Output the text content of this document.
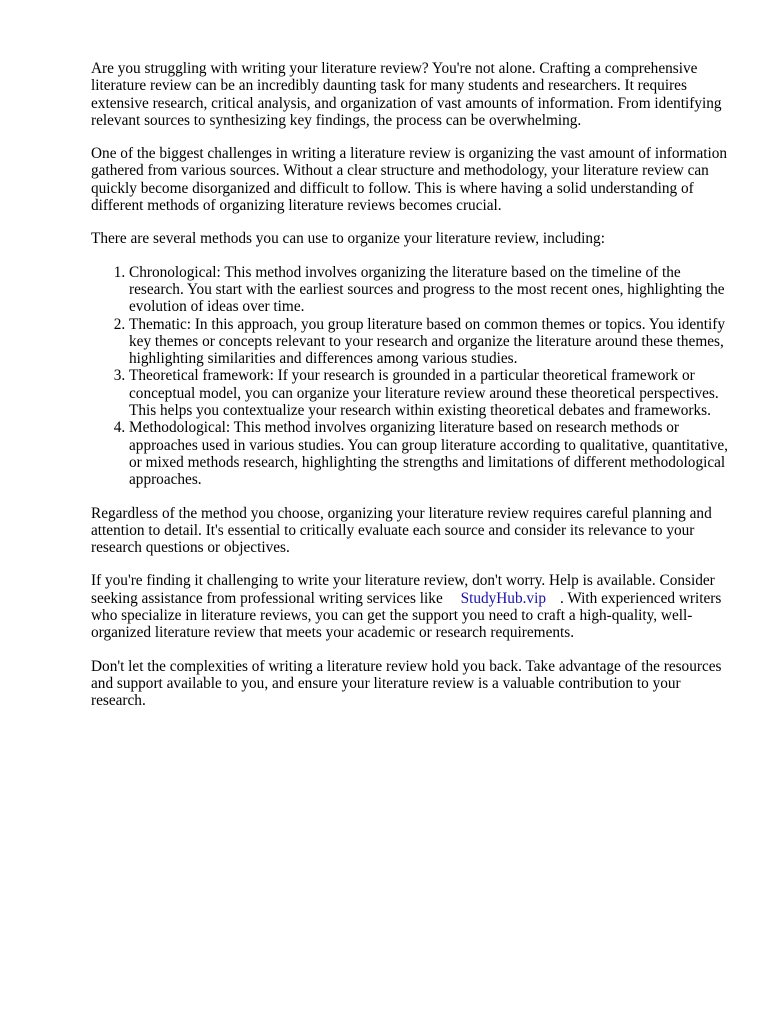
Are you struggling with writing your literature review? You're not alone. Crafting a comprehensive literature review can be an incredibly daunting task for many students and researchers. It requires extensive research, critical analysis, and organization of vast amounts of information. From identifying relevant sources to synthesizing key findings, the process can be overwhelming.

One of the biggest challenges in writing a literature review is organizing the vast amount of information gathered from various sources. Without a clear structure and methodology, your literature review can quickly become disorganized and difficult to follow. This is where having a solid understanding of different methods of organizing literature reviews becomes crucial.

There are several methods you can use to organize your literature review, including:

1. Chronological: This method involves organizing the literature based on the timeline of the research. You start with the earliest sources and progress to the most recent ones, highlighting the evolution of ideas over time.
2. Thematic: In this approach, you group literature based on common themes or topics. You identify key themes or concepts relevant to your research and organize the literature around these themes, highlighting similarities and differences among various studies.
3. Theoretical framework: If your research is grounded in a particular theoretical framework or conceptual model, you can organize your literature review around these theoretical perspectives. This helps you contextualize your research within existing theoretical debates and frameworks.
4. Methodological: This method involves organizing literature based on research methods or approaches used in various studies. You can group literature according to qualitative, quantitative, or mixed methods research, highlighting the strengths and limitations of different methodological approaches.

Regardless of the method you choose, organizing your literature review requires careful planning and attention to detail. It's essential to critically evaluate each source and consider its relevance to your research questions or objectives.

If you're finding it challenging to write your literature review, don't worry. Help is available. Consider seeking assistance from professional writing services like StudyHub.vip . With experienced writers who specialize in literature reviews, you can get the support you need to craft a high-quality, well-organized literature review that meets your academic or research requirements.

Don't let the complexities of writing a literature review hold you back. Take advantage of the resources and support available to you, and ensure your literature review is a valuable contribution to your research.
